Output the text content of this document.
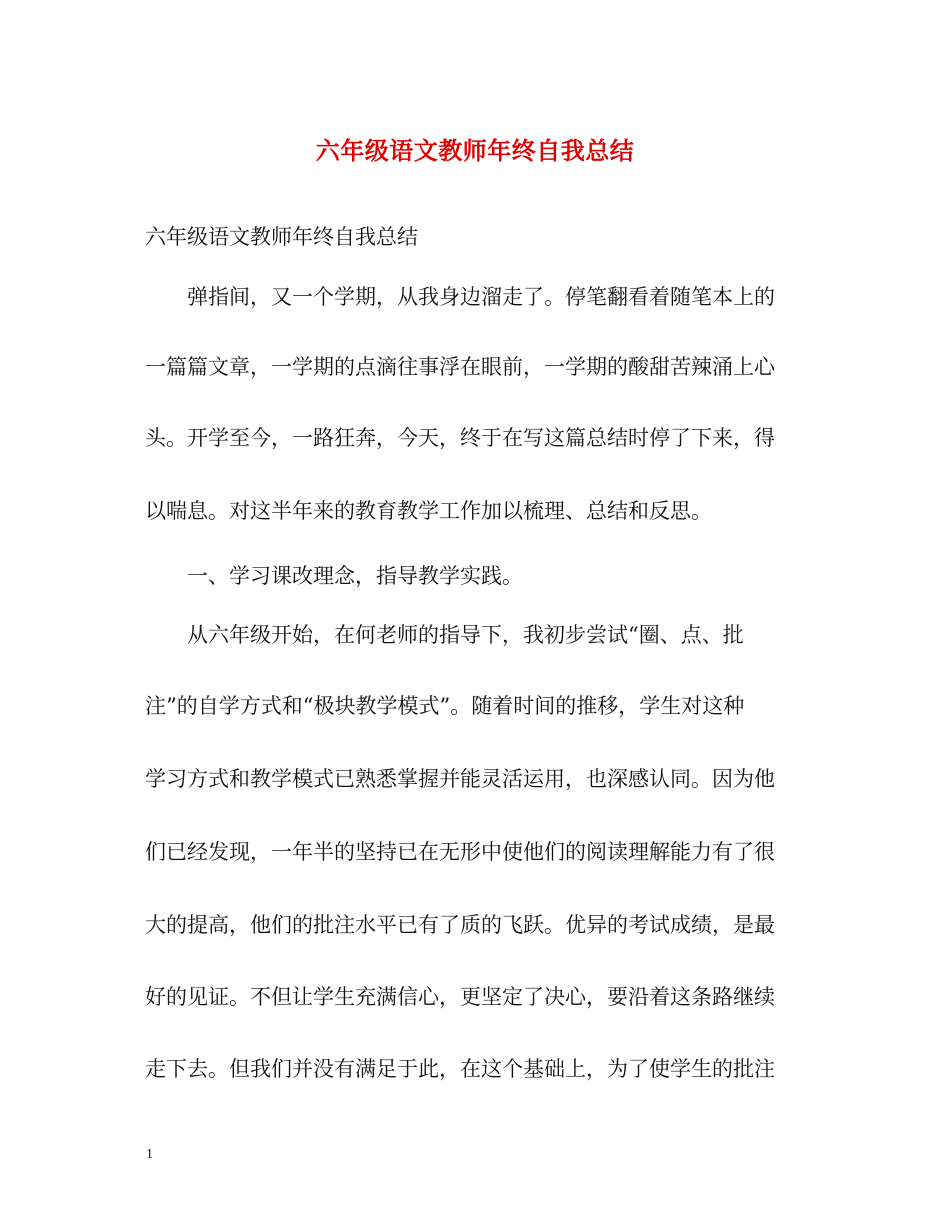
六年级语文教师年终自我总结
六年级语文教师年终自我总结
　　弹指间，又一个学期，从我身边溜走了。停笔翻看着随笔本上的
一篇篇文章，一学期的点滴往事浮在眼前，一学期的酸甜苦辣涌上心
头。开学至今，一路狂奔，今天，终于在写这篇总结时停了下来，得
以喘息。对这半年来的教育教学工作加以梳理、总结和反思。
　　一、学习课改理念，指导教学实践。
　　从六年级开始，在何老师的指导下，我初步尝试“圈、点、批
注”的自学方式和“极块教学模式”。随着时间的推移，学生对这种
学习方式和教学模式已熟悉掌握并能灵活运用，也深感认同。因为他
们已经发现，一年半的坚持已在无形中使他们的阅读理解能力有了很
大的提高，他们的批注水平已有了质的飞跃。优异的考试成绩，是最
好的见证。不但让学生充满信心，更坚定了决心，要沿着这条路继续
走下去。但我们并没有满足于此，在这个基础上，为了使学生的批注
1
